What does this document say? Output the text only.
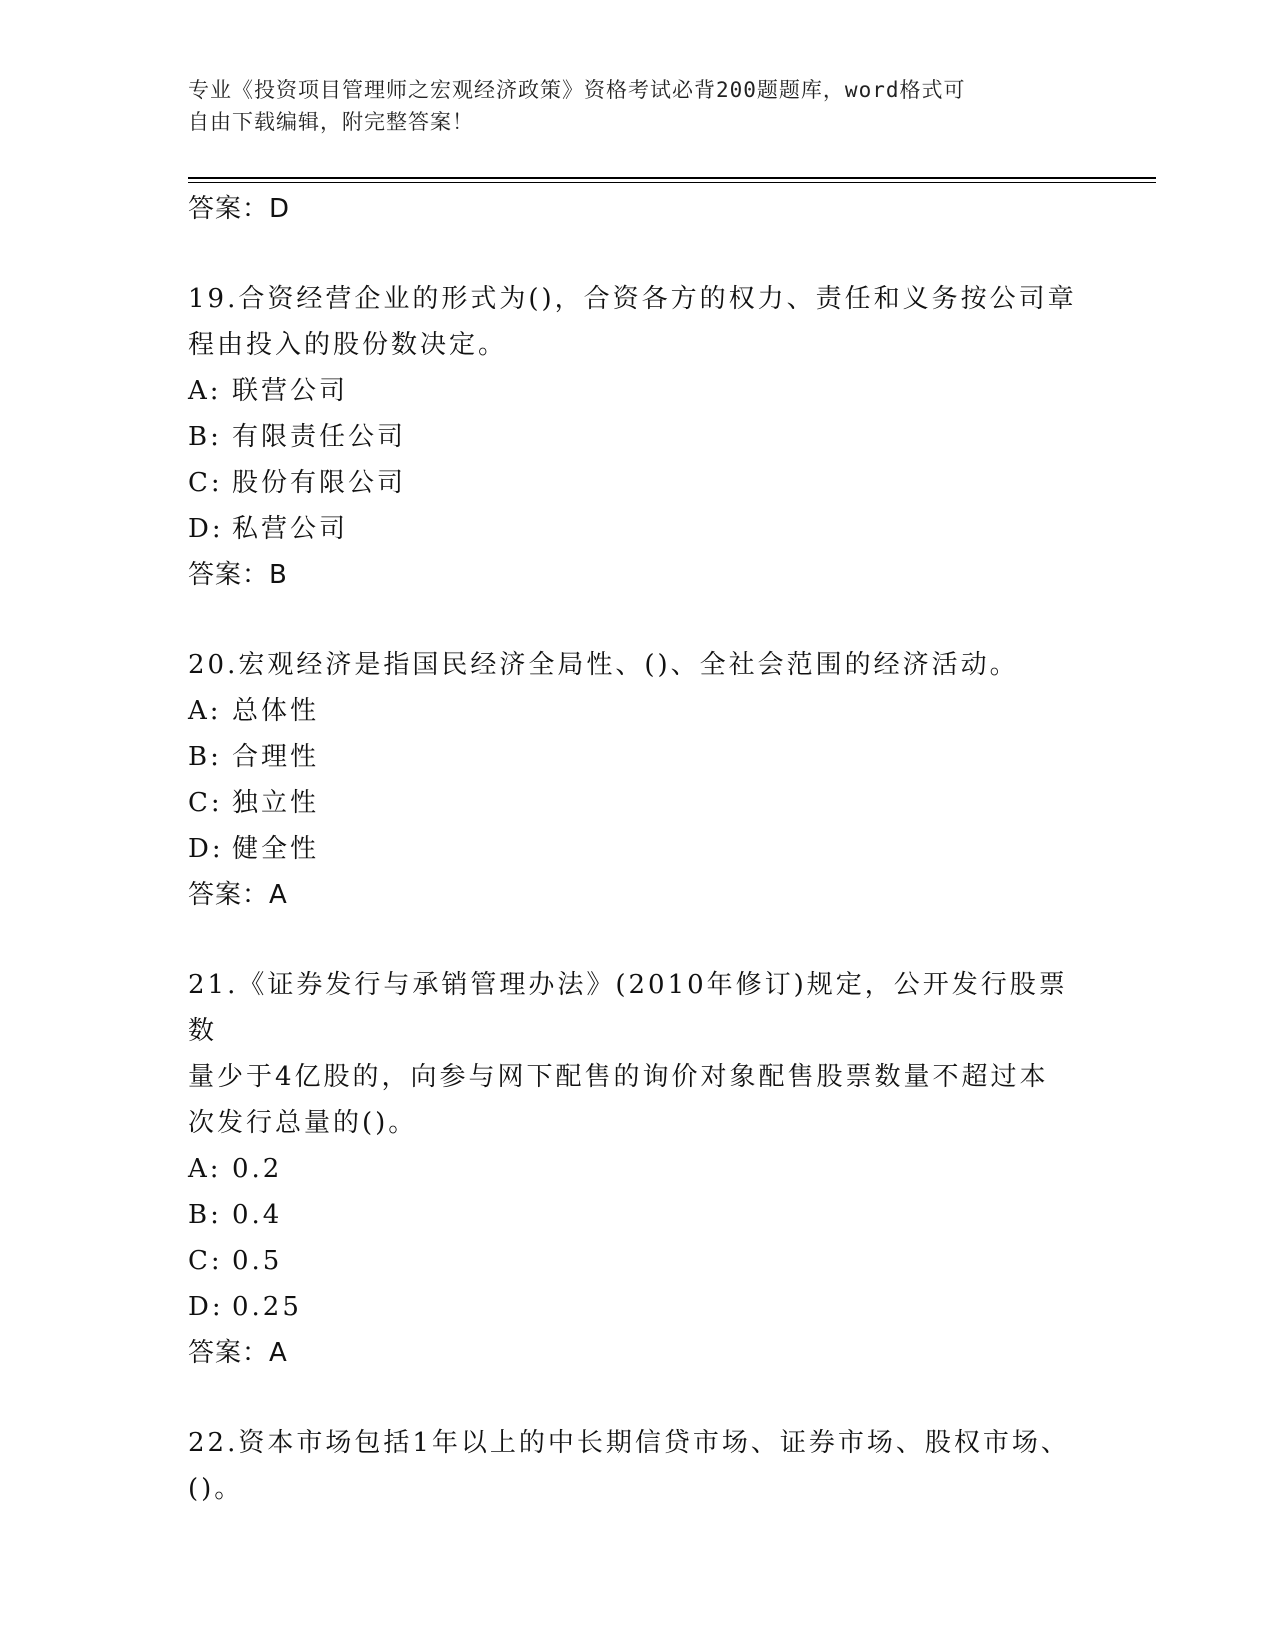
专业《投资项目管理师之宏观经济政策》资格考试必背200题题库，word格式可
自由下载编辑，附完整答案！
答案：D
19.合资经营企业的形式为()，合资各方的权力、责任和义务按公司章
程由投入的股份数决定。
A: 联营公司
B: 有限责任公司
C: 股份有限公司
D: 私营公司
答案：B
20.宏观经济是指国民经济全局性、()、全社会范围的经济活动。
A: 总体性
B: 合理性
C: 独立性
D: 健全性
答案：A
21.《证券发行与承销管理办法》(2010年修订)规定，公开发行股票数
量少于4亿股的，向参与网下配售的询价对象配售股票数量不超过本
次发行总量的()。
A: 0.2
B: 0.4
C: 0.5
D: 0.25
答案：A
22.资本市场包括1年以上的中长期信贷市场、证券市场、股权市场、
()。
